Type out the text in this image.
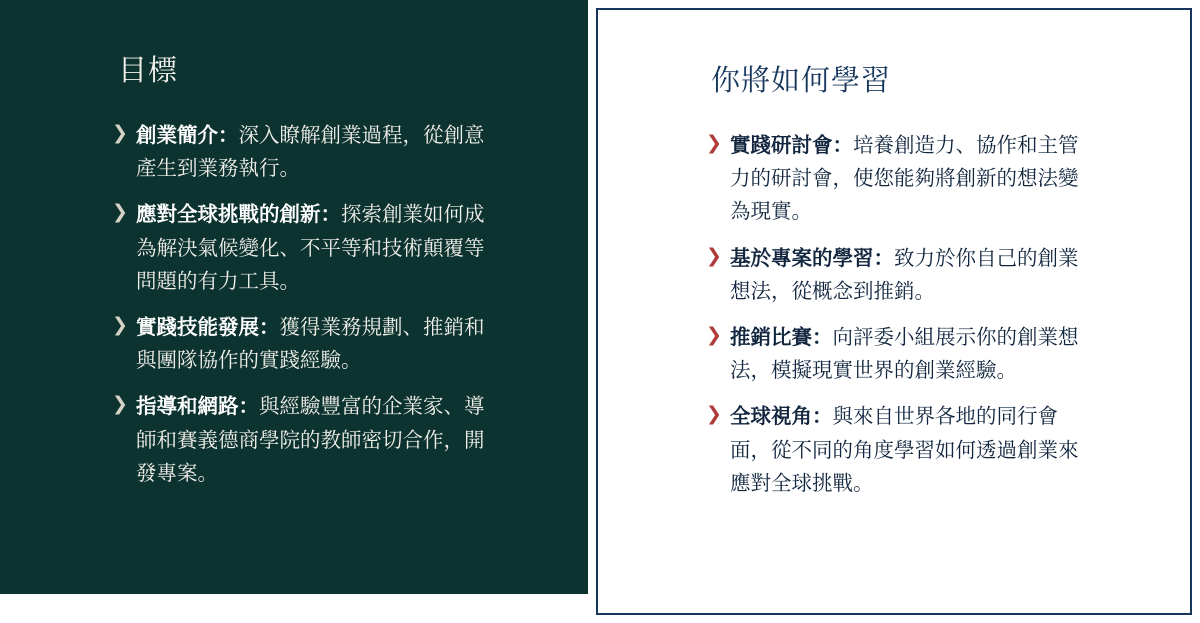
目標
❯ 創業簡介：深入瞭解創業過程，從創意產生到業務執行。
❯ 應對全球挑戰的創新：探索創業如何成為解決氣候變化、不平等和技術顛覆等問題的有力工具。
❯ 實踐技能發展：獲得業務規劃、推銷和與團隊協作的實踐經驗。
❯ 指導和網路：與經驗豐富的企業家、導師和賽義德商學院的教師密切合作，開發專案。
你將如何學習
❯ 實踐研討會：培養創造力、協作和主管力的研討會，使您能夠將創新的想法變為現實。
❯ 基於專案的學習：致力於你自己的創業想法，從概念到推銷。
❯ 推銷比賽：向評委小組展示你的創業想法，模擬現實世界的創業經驗。
❯ 全球視角：與來自世界各地的同行會面，從不同的角度學習如何透過創業來應對全球挑戰。
